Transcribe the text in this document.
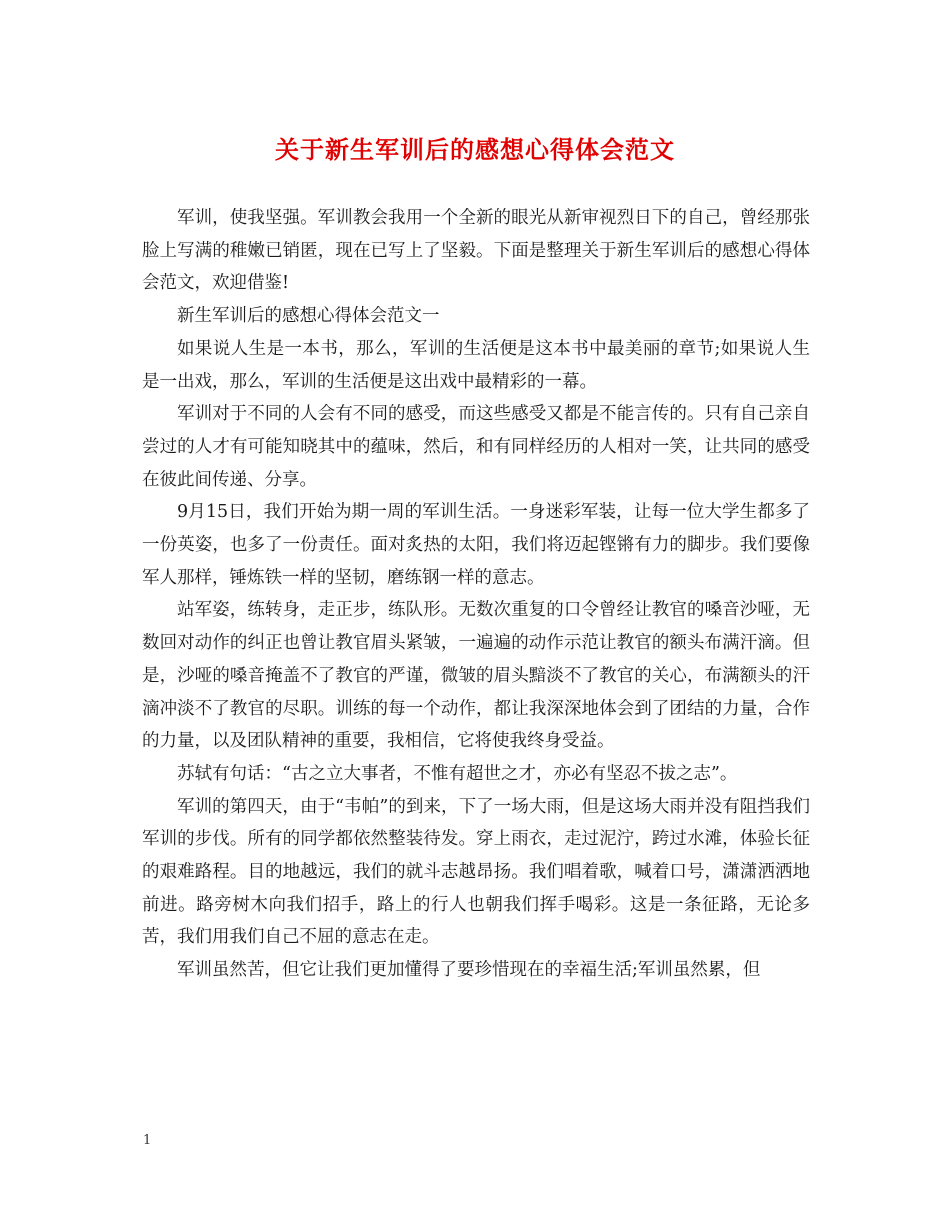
关于新生军训后的感想心得体会范文

军训，使我坚强。军训教会我用一个全新的眼光从新审视烈日下的自己，曾经那张脸上写满的稚嫩已销匿，现在已写上了坚毅。下面是整理关于新生军训后的感想心得体会范文，欢迎借鉴!

新生军训后的感想心得体会范文一

如果说人生是一本书，那么，军训的生活便是这本书中最美丽的章节;如果说人生是一出戏，那么，军训的生活便是这出戏中最精彩的一幕。

军训对于不同的人会有不同的感受，而这些感受又都是不能言传的。只有自己亲自尝过的人才有可能知晓其中的蕴味，然后，和有同样经历的人相对一笑，让共同的感受在彼此间传递、分享。

9月15日，我们开始为期一周的军训生活。一身迷彩军装，让每一位大学生都多了一份英姿，也多了一份责任。面对炙热的太阳，我们将迈起铿锵有力的脚步。我们要像军人那样，锤炼铁一样的坚韧，磨练钢一样的意志。

站军姿，练转身，走正步，练队形。无数次重复的口令曾经让教官的嗓音沙哑，无数回对动作的纠正也曾让教官眉头紧皱，一遍遍的动作示范让教官的额头布满汗滴。但是，沙哑的嗓音掩盖不了教官的严谨，微皱的眉头黯淡不了教官的关心，布满额头的汗滴冲淡不了教官的尽职。训练的每一个动作，都让我深深地体会到了团结的力量，合作的力量，以及团队精神的重要，我相信，它将使我终身受益。

苏轼有句话：“古之立大事者，不惟有超世之才，亦必有坚忍不拔之志”。

军训的第四天，由于“韦帕”的到来，下了一场大雨，但是这场大雨并没有阻挡我们军训的步伐。所有的同学都依然整装待发。穿上雨衣，走过泥泞，跨过水滩，体验长征的艰难路程。目的地越远，我们的就斗志越昂扬。我们唱着歌，喊着口号，潇潇洒洒地前进。路旁树木向我们招手，路上的行人也朝我们挥手喝彩。这是一条征路，无论多苦，我们用我们自己不屈的意志在走。

军训虽然苦，但它让我们更加懂得了要珍惜现在的幸福生活;军训虽然累，但

1
